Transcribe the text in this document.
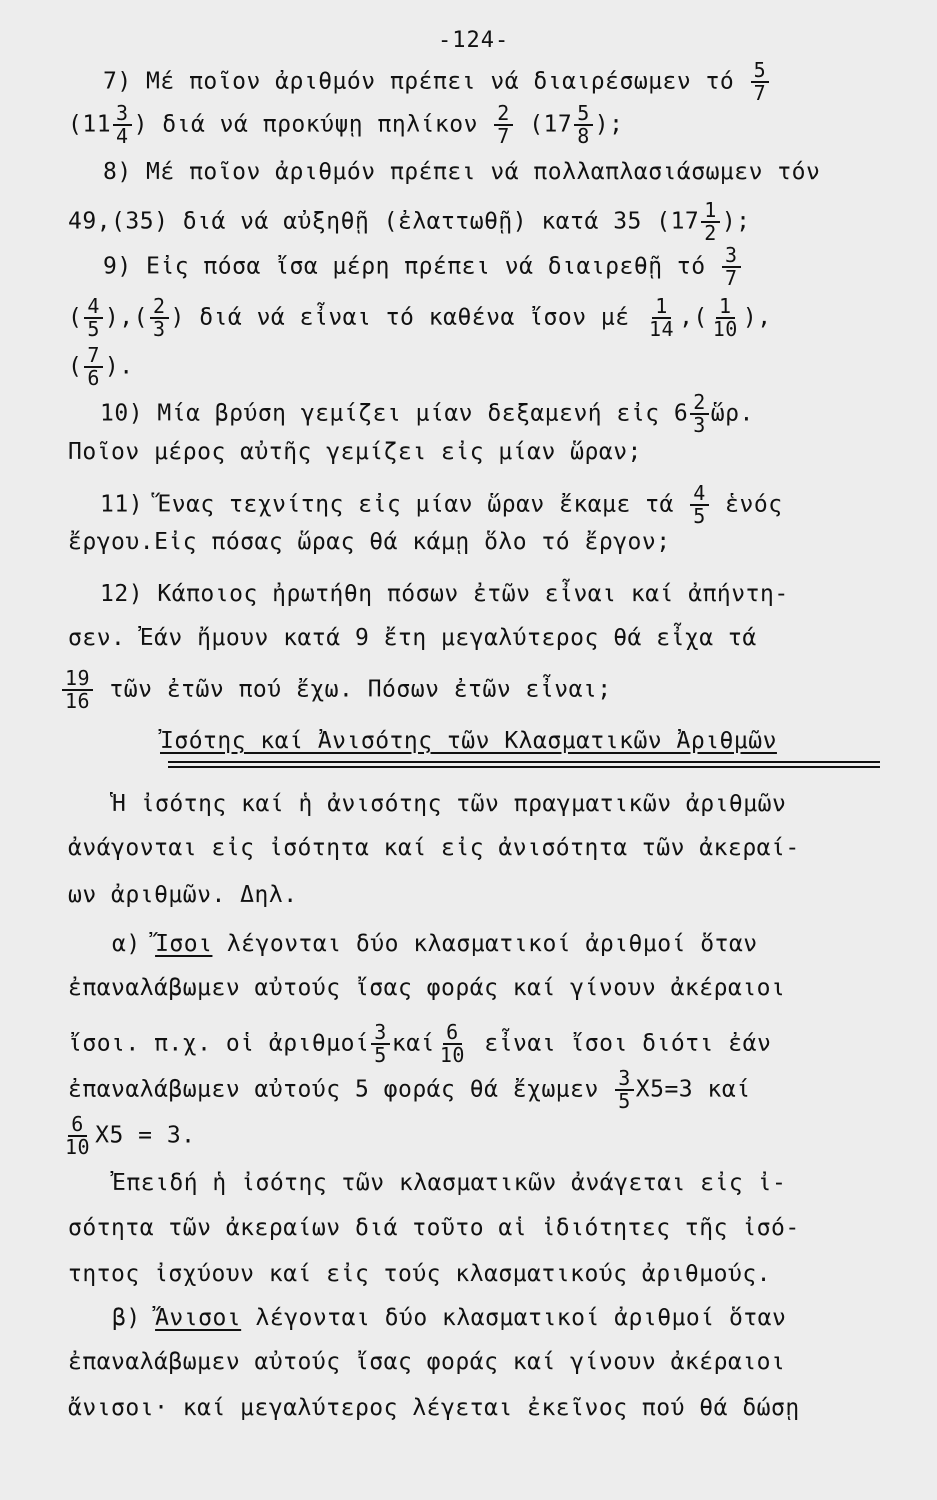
-124-
7) Μέ ποῖον ἀριθμόν πρέπει νά διαιρέσωμεν τό $\frac{5}{7}$
($11 \frac{3}{4}$ ) διά νά προκύψῃ πηλίκον $\frac{2}{7} (17 \frac{5}{8}$ );
8) Μέ ποῖον ἀριθμόν πρέπει νά πολλαπλασιάσωμεν τόν
49,(35) διά νά αὐξηθῇ (ἐλαττωθῇ) κατά 35 ($17 \frac{1}{2}$ );
9) Εἰς πόσα ἴσα μέρη πρέπει νά διαιρεθῇ τό $\frac{3}{7}$
( $\frac{4}{5}$ ),( $\frac{2}{3}$ ) διά νά εἶναι τό καθένα ἴσον μέ $\frac{1}{14}$ ,( $\frac{1}{10}$ ),
( $\frac{7}{6}$ ).
10) Μία βρύση γεμίζει μίαν δεξαμενή εἰς $6 \frac{2}{3}$ ὥρ.
Ποῖον μέρος αὐτῆς γεμίζει εἰς μίαν ὥραν;
11) Ἕνας τεχνίτης εἰς μίαν ὥραν ἔκαμε τά $\frac{4}{5}$ ἑνός
ἔργου.Εἰς πόσας ὥρας θά κάμῃ ὅλο τό ἔργον;
12) Κάποιος ἠρωτήθη πόσων ἐτῶν εἶναι καί ἀπήντη-
σεν. Ἐάν ἤμουν κατά 9 ἔτη μεγαλύτερος θά εἶχα τά
$\frac{19}{16}$ τῶν ἐτῶν πού ἔχω. Πόσων ἐτῶν εἶναι;
Ἰσότης καί Ἀνισότης τῶν Κλασματικῶν Ἀριθμῶν
Ἡ ἰσότης καί ἡ ἀνισότης τῶν πραγματικῶν ἀριθμῶν
ἀνάγονται εἰς ἰσότητα καί εἰς ἀνισότητα τῶν ἀκεραί-
ων ἀριθμῶν. Δηλ.
α) Ἴσοι λέγονται δύο κλασματικοί ἀριθμοί ὅταν
ἐπαναλάβωμεν αὐτούς ἴσας φοράς καί γίνουν ἀκέραιοι
ἴσοι. π.χ. οἱ ἀριθμοί $\frac{3}{5}$ καί $\frac{6}{10}$ εἶναι ἴσοι διότι ἐάν
ἐπαναλάβωμεν αὐτούς 5 φοράς θά ἔχωμεν $\frac{3}{5} X5=3$ καί
$\frac{6}{10} X5 = 3$.
Ἐπειδή ἡ ἰσότης τῶν κλασματικῶν ἀνάγεται εἰς ἰ-
σότητα τῶν ἀκεραίων διά τοῦτο αἱ ἰδιότητες τῆς ἰσό-
τητος ἰσχύουν καί εἰς τούς κλασματικούς ἀριθμούς.
β) Ἄνισοι λέγονται δύο κλασματικοί ἀριθμοί ὅταν
ἐπαναλάβωμεν αὐτούς ἴσας φοράς καί γίνουν ἀκέραιοι
ἄνισοι· καί μεγαλύτερος λέγεται ἐκεῖνος πού θά δώσῃ
